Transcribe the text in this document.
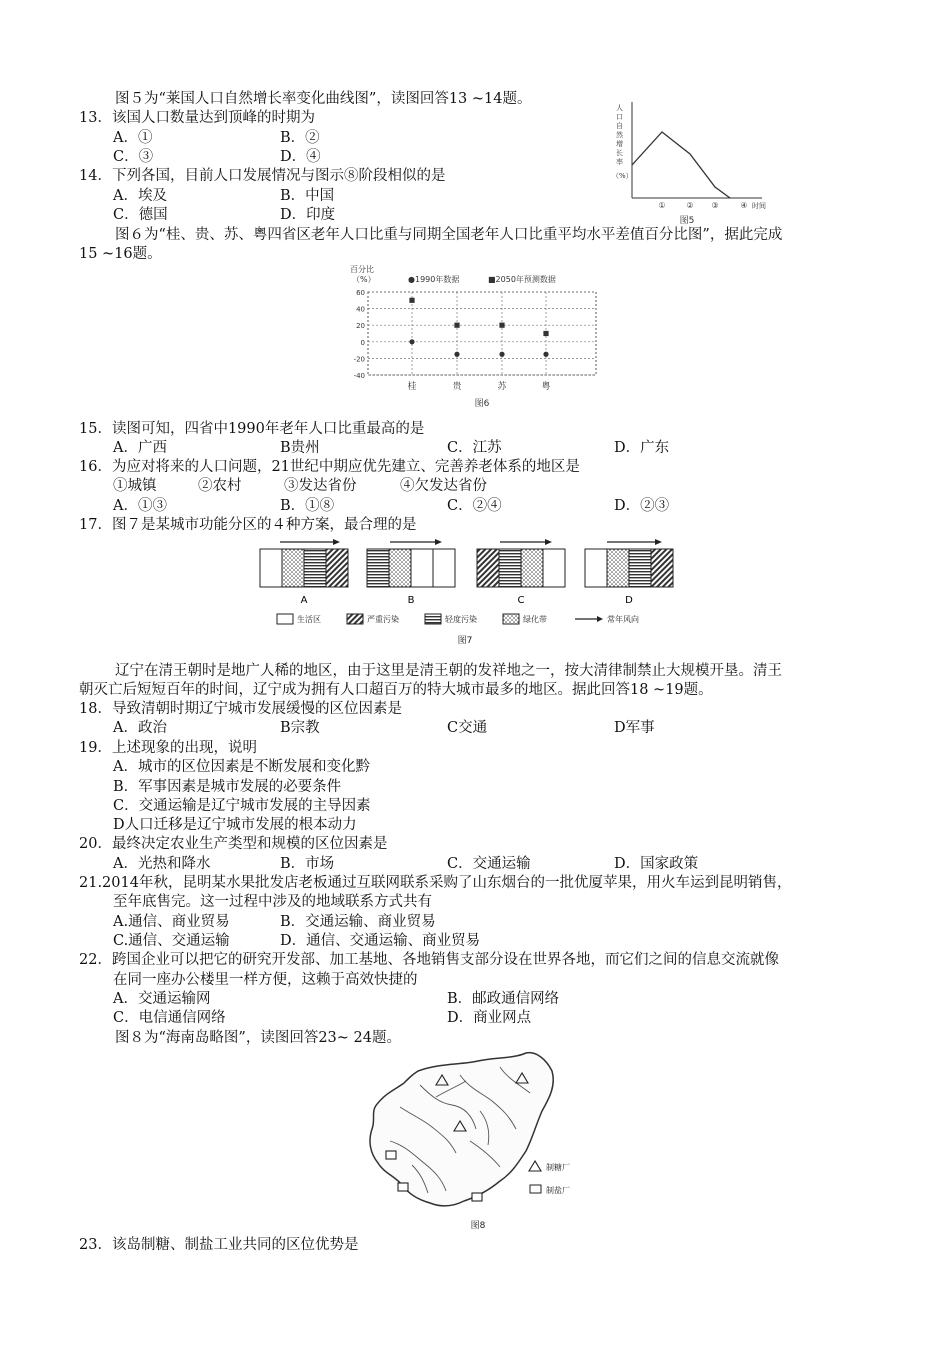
图５为“莱国人口自然增长率变化曲线图”，读图回答13 ~14题。
13．该国人口数量达到顶峰的时期为
A．①	B．②
C．③	D．④
14．下列各国，目前人口发展情况与图示⑧阶段相似的是
A．埃及	B．中国
C．德国	D．印度
人
口
自
然
增
长
率
（%）
①	② ③	④ 时间
图5
图６为“桂、贵、苏、粤四省区老年人口比重与同期全国老年人口比重平均水平差值百分比图”，据此完成
15 ~16题。
百分比
（%）	●1990年数据	■2050年预测数据
60
40
20
0
-20
-40
桂	贵	苏	粤
图6
15．读图可知，四省中1990年老年人口比重最高的是
A．广西	B贵州	C．江苏	D．广东
16．为应对将来的人口问题，21世纪中期应优先建立、完善养老体系的地区是
①城镇	②农村	③发达省份	④欠发达省份
A．①③	B．①⑧	C．②④	D．②③
17．图７是某城市功能分区的４种方案，最合理的是
A	B	C	D
生活区	严重污染	轻度污染	绿化带	常年风向
图7
辽宁在清王朝时是地广人稀的地区，由于这里是清王朝的发祥地之一，按大清律制禁止大规模开垦。清王
朝灭亡后短短百年的时间，辽宁成为拥有人口超百万的特大城市最多的地区。据此回答18 ~19题。
18．导致清朝时期辽宁城市发展缓慢的区位因素是
A．政治	B宗教	C交通	D军事
19．上述现象的出现，说明
A．城市的区位因素是不断发展和变化黔
B．军事因素是城市发展的必要条件
C．交通运输是辽宁城市发展的主导因素
D人口迁移是辽宁城市发展的根本动力
20．最终决定农业生产类型和规模的区位因素是
A．光热和降水	B．市场	C．交通运输	D．国家政策
21.2014年秋，昆明某水果批发店老板通过互联网联系采购了山东烟台的一批优厦苹果，用火车运到昆明销售，
至年底售完。这一过程中涉及的地域联系方式共有
A.通信、商业贸易	B．交通运输、商业贸易
C.通信、交通运输	D．通信、交通运输、商业贸易
22．跨国企业可以把它的研究开发部、加工基地、各地销售支部分设在世界各地，而它们之间的信息交流就像
在同一座办公楼里一样方便，这赖于高效快捷的
A．交通运输网	B．邮政通信网络
C．电信通信网络	D．商业网点
图８为“海南岛略图”，读图回答23~ 24题。
制糖厂
制盐厂
图8
23．该岛制糖、制盐工业共同的区位优势是
